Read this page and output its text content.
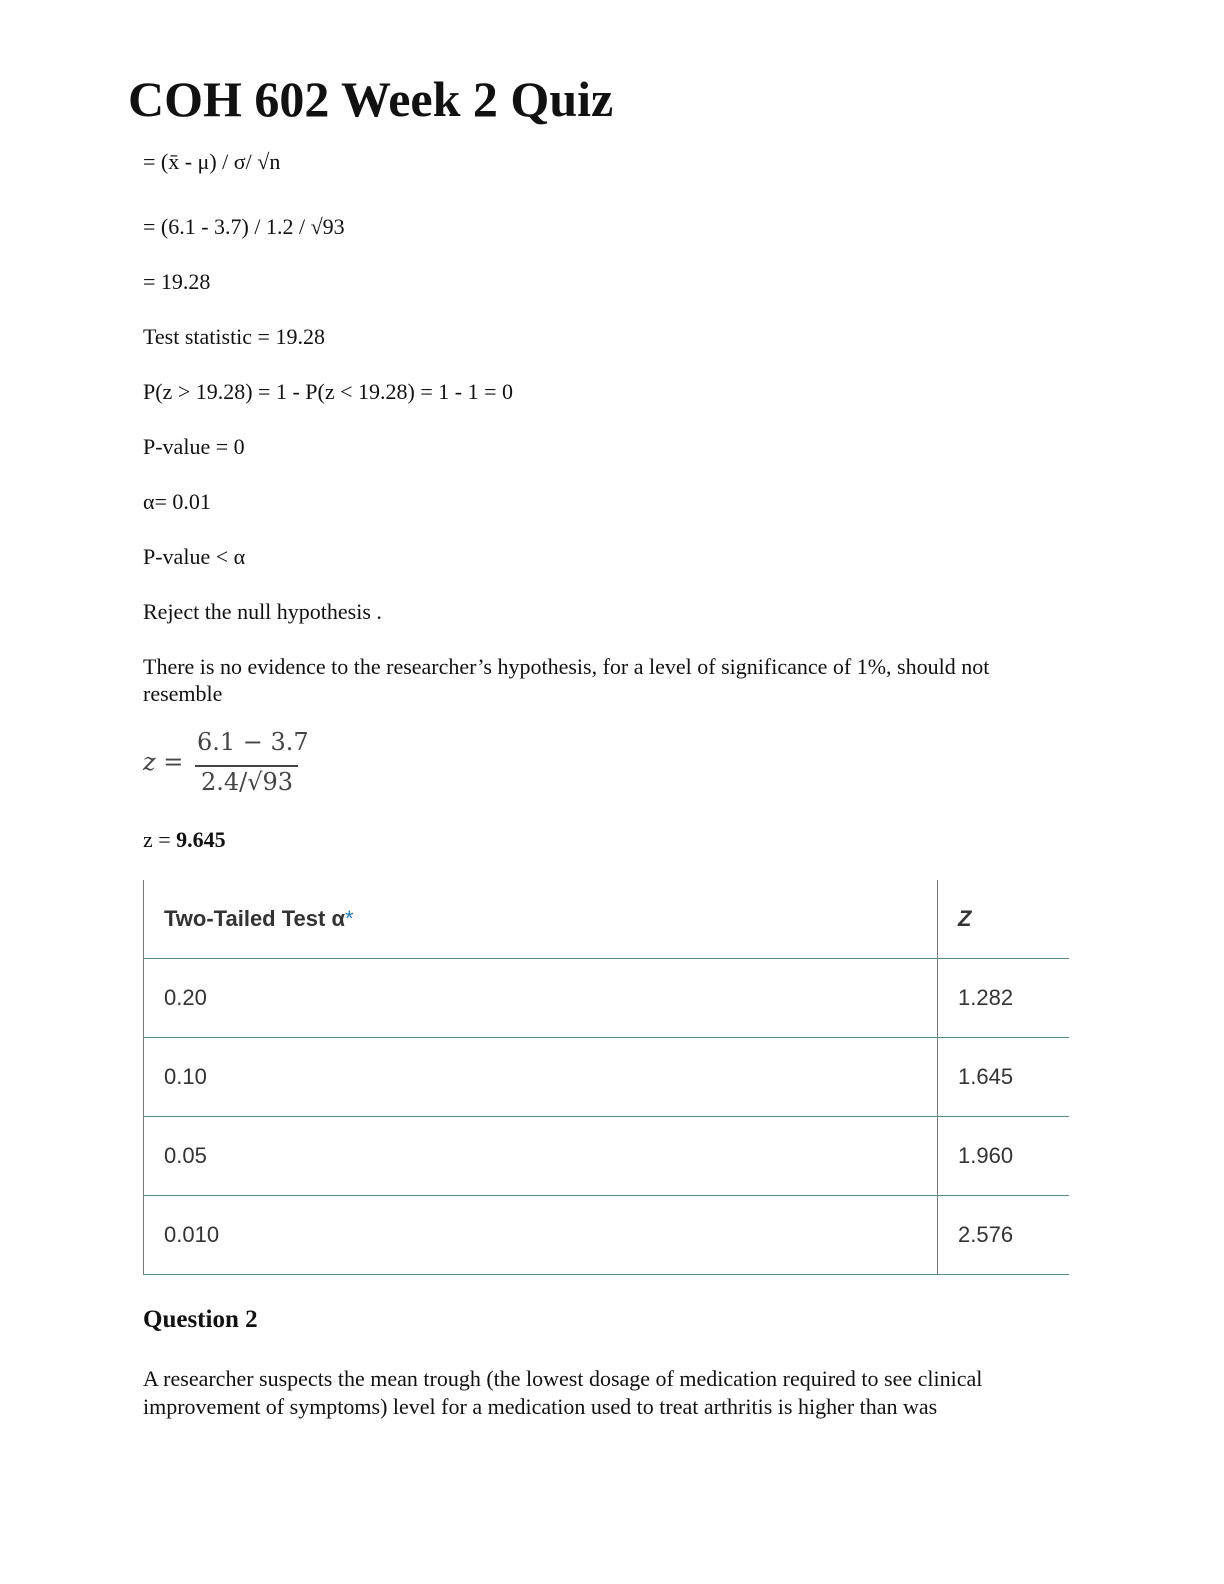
COH 602 Week 2 Quiz
= (x̄ - μ) / σ/ √n
= (6.1 - 3.7) / 1.2 / √93
= 19.28
Test statistic = 19.28
P(z > 19.28) = 1 - P(z < 19.28) = 1 - 1 = 0
P-value = 0
α= 0.01
P-value < α
Reject the null hypothesis .
There is no evidence to the researcher’s hypothesis, for a level of significance of 1%, should not resemble
z =
6.1 − 3.7
2.4/√93
z = 9.645
Two-Tailed Test α*	Z
0.20	1.282
0.10	1.645
0.05	1.960
0.010	2.576
Question 2
A researcher suspects the mean trough (the lowest dosage of medication required to see clinical improvement of symptoms) level for a medication used to treat arthritis is higher than was
